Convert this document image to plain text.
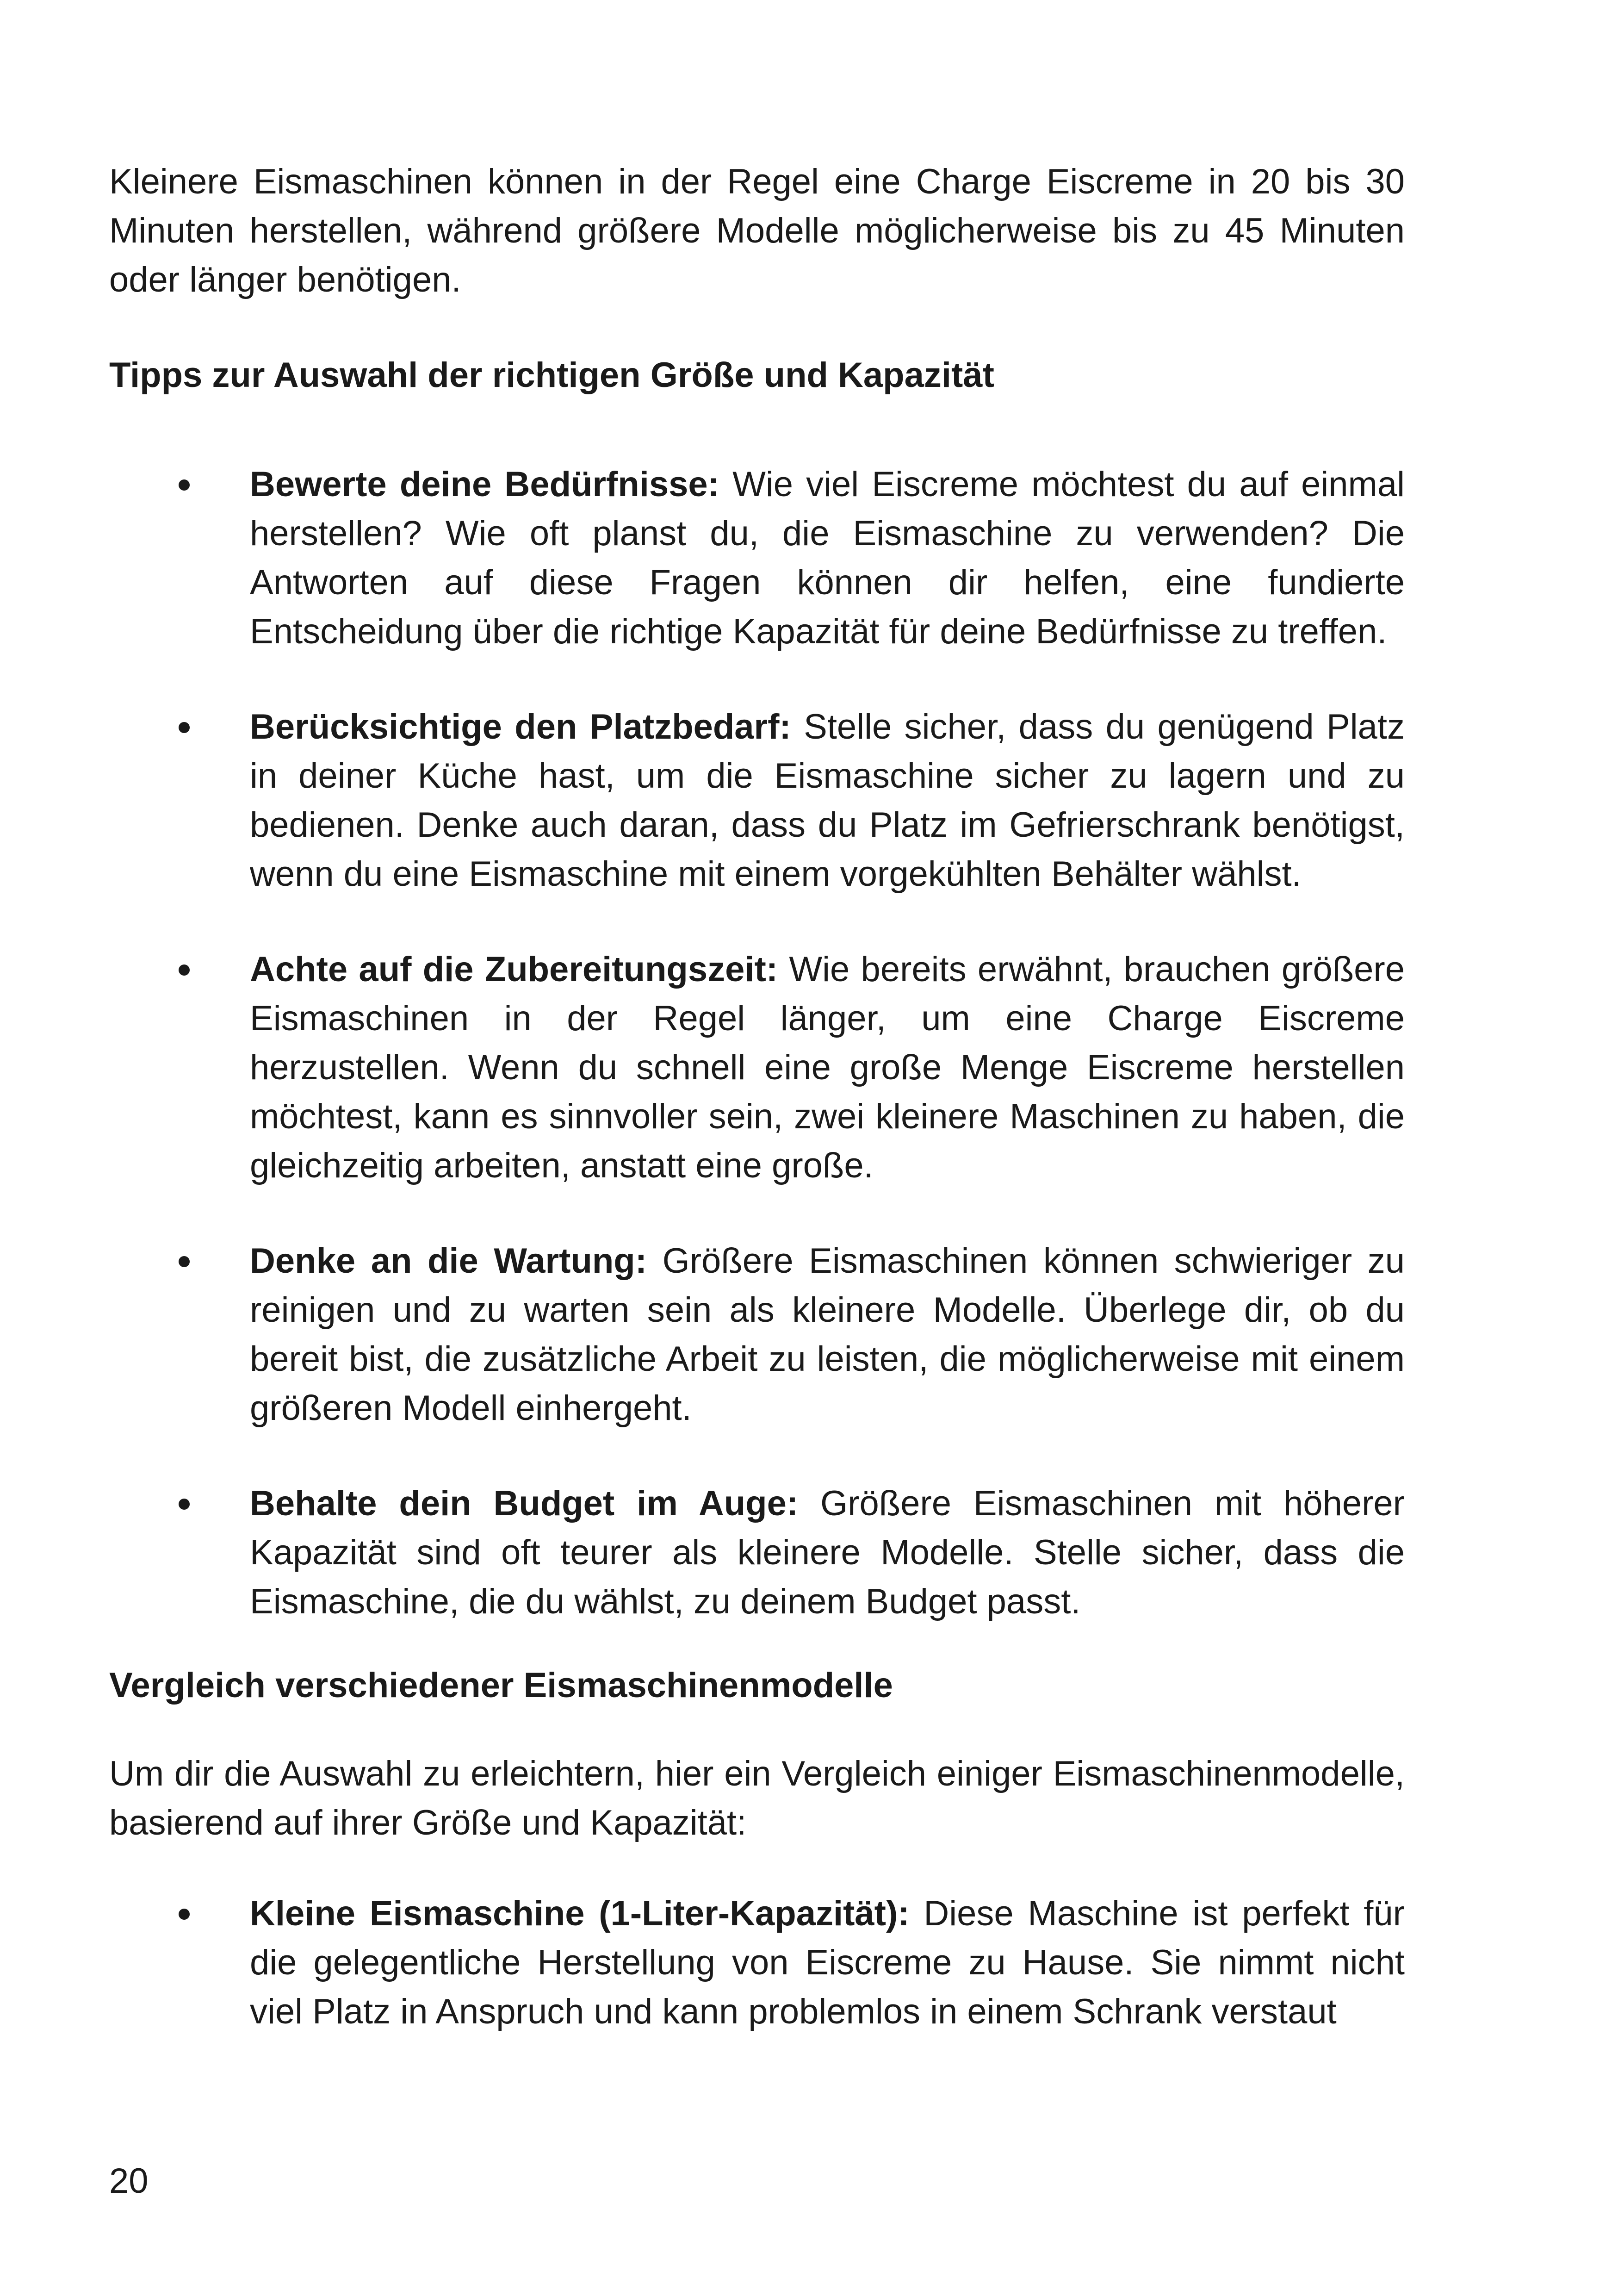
Kleinere Eismaschinen können in der Regel eine Charge Eiscreme in 20 bis 30 Minuten herstellen, während größere Modelle möglicherweise bis zu 45 Minuten oder länger benötigen.

Tipps zur Auswahl der richtigen Größe und Kapazität

Bewerte deine Bedürfnisse: Wie viel Eiscreme möchtest du auf einmal herstellen? Wie oft planst du, die Eismaschine zu verwenden? Die Antworten auf diese Fragen können dir helfen, eine fundierte Entscheidung über die richtige Kapazität für deine Bedürfnisse zu treffen.

Berücksichtige den Platzbedarf: Stelle sicher, dass du genügend Platz in deiner Küche hast, um die Eismaschine sicher zu lagern und zu bedienen. Denke auch daran, dass du Platz im Gefrierschrank benötigst, wenn du eine Eismaschine mit einem vorgekühlten Behälter wählst.

Achte auf die Zubereitungszeit: Wie bereits erwähnt, brauchen größere Eismaschinen in der Regel länger, um eine Charge Eiscreme herzustellen. Wenn du schnell eine große Menge Eiscreme herstellen möchtest, kann es sinnvoller sein, zwei kleinere Maschinen zu haben, die gleichzeitig arbeiten, anstatt eine große.

Denke an die Wartung: Größere Eismaschinen können schwieriger zu reinigen und zu warten sein als kleinere Modelle. Überlege dir, ob du bereit bist, die zusätzliche Arbeit zu leisten, die möglicherweise mit einem größeren Modell einhergeht.

Behalte dein Budget im Auge: Größere Eismaschinen mit höherer Kapazität sind oft teurer als kleinere Modelle. Stelle sicher, dass die Eismaschine, die du wählst, zu deinem Budget passt.

Vergleich verschiedener Eismaschinenmodelle

Um dir die Auswahl zu erleichtern, hier ein Vergleich einiger Eismaschinenmodelle, basierend auf ihrer Größe und Kapazität:

Kleine Eismaschine (1-Liter-Kapazität): Diese Maschine ist perfekt für die gelegentliche Herstellung von Eiscreme zu Hause. Sie nimmt nicht viel Platz in Anspruch und kann problemlos in einem Schrank verstaut

20
